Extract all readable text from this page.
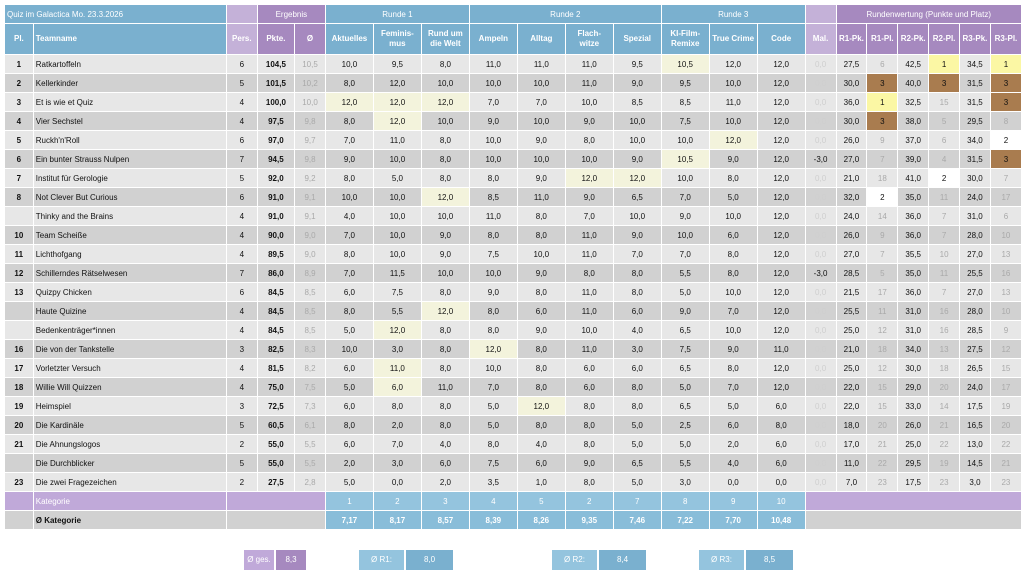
Quiz im Galactica Mo. 23.3.2026			Ergebnis		Runde 1			Runde 2				Runde 3				Rundenwertung (Punkte und Platz)					
Pl.	Teamname	Pers.	Pkte.	Ø	Aktuelles	Feminis-mus	Rund um die Welt	Ampeln	Alltag	Flach-witze	Spezial	KI-Film-Remixe	True Crime	Code	Mal.	R1-Pk.	R1-Pl.	R2-Pk.	R2-Pl.	R3-Pk.	R3-Pl.
1	Ratkartoffeln	6	104,5	10,5	10,0	9,5	8,0	11,0	11,0	11,0	9,5	10,5	12,0	12,0	0,0	27,5	6	42,5	1	34,5	1
2	Kellerkinder	5	101,5	10,2	8,0	12,0	10,0	10,0	10,0	11,0	9,0	9,5	10,0	12,0	0,0	30,0	3	40,0	3	31,5	3
3	Et is wie et Quiz	4	100,0	10,0	12,0	12,0	12,0	7,0	7,0	10,0	8,5	8,5	11,0	12,0	0,0	36,0	1	32,5	15	31,5	3
4	Vier Sechstel	4	97,5	9,8	8,0	12,0	10,0	9,0	10,0	9,0	10,0	7,5	10,0	12,0	0,0	30,0	3	38,0	5	29,5	8
5	Ruckh'n'Roll	6	97,0	9,7	7,0	11,0	8,0	10,0	9,0	8,0	10,0	10,0	12,0	12,0	0,0	26,0	9	37,0	6	34,0	2
6	Ein bunter Strauss Nulpen	7	94,5	9,8	9,0	10,0	8,0	10,0	10,0	10,0	9,0	10,5	9,0	12,0	-3,0	27,0	7	39,0	4	31,5	3
7	Institut für Gerologie	5	92,0	9,2	8,0	5,0	8,0	8,0	9,0	12,0	12,0	10,0	8,0	12,0	0,0	21,0	18	41,0	2	30,0	7
8	Not Clever But Curious	6	91,0	9,1	10,0	10,0	12,0	8,5	11,0	9,0	6,5	7,0	5,0	12,0	0,0	32,0	2	35,0	11	24,0	17
	Thinky and the Brains	4	91,0	9,1	4,0	10,0	10,0	11,0	8,0	7,0	10,0	9,0	10,0	12,0	0,0	24,0	14	36,0	7	31,0	6
10	Team Scheiße	4	90,0	9,0	7,0	10,0	9,0	8,0	8,0	11,0	9,0	10,0	6,0	12,0	0,0	26,0	9	36,0	7	28,0	10
11	Lichthofgang	4	89,5	9,0	8,0	10,0	9,0	7,5	10,0	11,0	7,0	7,0	8,0	12,0	0,0	27,0	7	35,5	10	27,0	13
12	Schillerndes Rätselwesen	7	86,0	8,9	7,0	11,5	10,0	10,0	9,0	8,0	8,0	5,5	8,0	12,0	-3,0	28,5	5	35,0	11	25,5	16
13	Quizpy Chicken	6	84,5	8,5	6,0	7,5	8,0	9,0	8,0	11,0	8,0	5,0	10,0	12,0	0,0	21,5	17	36,0	7	27,0	13
	Haute Quizine	4	84,5	8,5	8,0	5,5	12,0	8,0	6,0	11,0	6,0	9,0	7,0	12,0	0,0	25,5	11	31,0	16	28,0	10
	Bedenkenträger*innen	4	84,5	8,5	5,0	12,0	8,0	8,0	9,0	10,0	4,0	6,5	10,0	12,0	0,0	25,0	12	31,0	16	28,5	9
16	Die von der Tankstelle	3	82,5	8,3	10,0	3,0	8,0	12,0	8,0	11,0	3,0	7,5	9,0	11,0	0,0	21,0	18	34,0	13	27,5	12
17	Vorletzter Versuch	4	81,5	8,2	6,0	11,0	8,0	10,0	8,0	6,0	6,0	6,5	8,0	12,0	0,0	25,0	12	30,0	18	26,5	15
18	Willie Will Quizzen	4	75,0	7,5	5,0	6,0	11,0	7,0	8,0	6,0	8,0	5,0	7,0	12,0	0,0	22,0	15	29,0	20	24,0	17
19	Heimspiel	3	72,5	7,3	6,0	8,0	8,0	5,0	12,0	8,0	8,0	6,5	5,0	6,0	0,0	22,0	15	33,0	14	17,5	19
20	Die Kardinäle	5	60,5	6,1	8,0	2,0	8,0	5,0	8,0	8,0	5,0	2,5	6,0	8,0	0,0	18,0	20	26,0	21	16,5	20
21	Die Ahnungslogos	2	55,0	5,5	6,0	7,0	4,0	8,0	4,0	8,0	5,0	5,0	2,0	6,0	0,0	17,0	21	25,0	22	13,0	22
	Die Durchblicker	5	55,0	5,5	2,0	3,0	6,0	7,5	6,0	9,0	6,5	5,5	4,0	6,0	0,0	11,0	22	29,5	19	14,5	21
23	Die zwei Fragezeichen	2	27,5	2,8	5,0	0,0	2,0	3,5	1,0	8,0	5,0	3,0	0,0	0,0	0,0	7,0	23	17,5	23	3,0	23
	Kategorie				1	2	3	4	5	2	7	8	9	10							
	Ø Kategorie				7,17	8,17	8,57	8,39	8,26	9,35	7,46	7,22	7,70	10,48							
Ø ges.	8,3	Ø R1:	8,0	Ø R2:	8,4	Ø R3:	8,5
